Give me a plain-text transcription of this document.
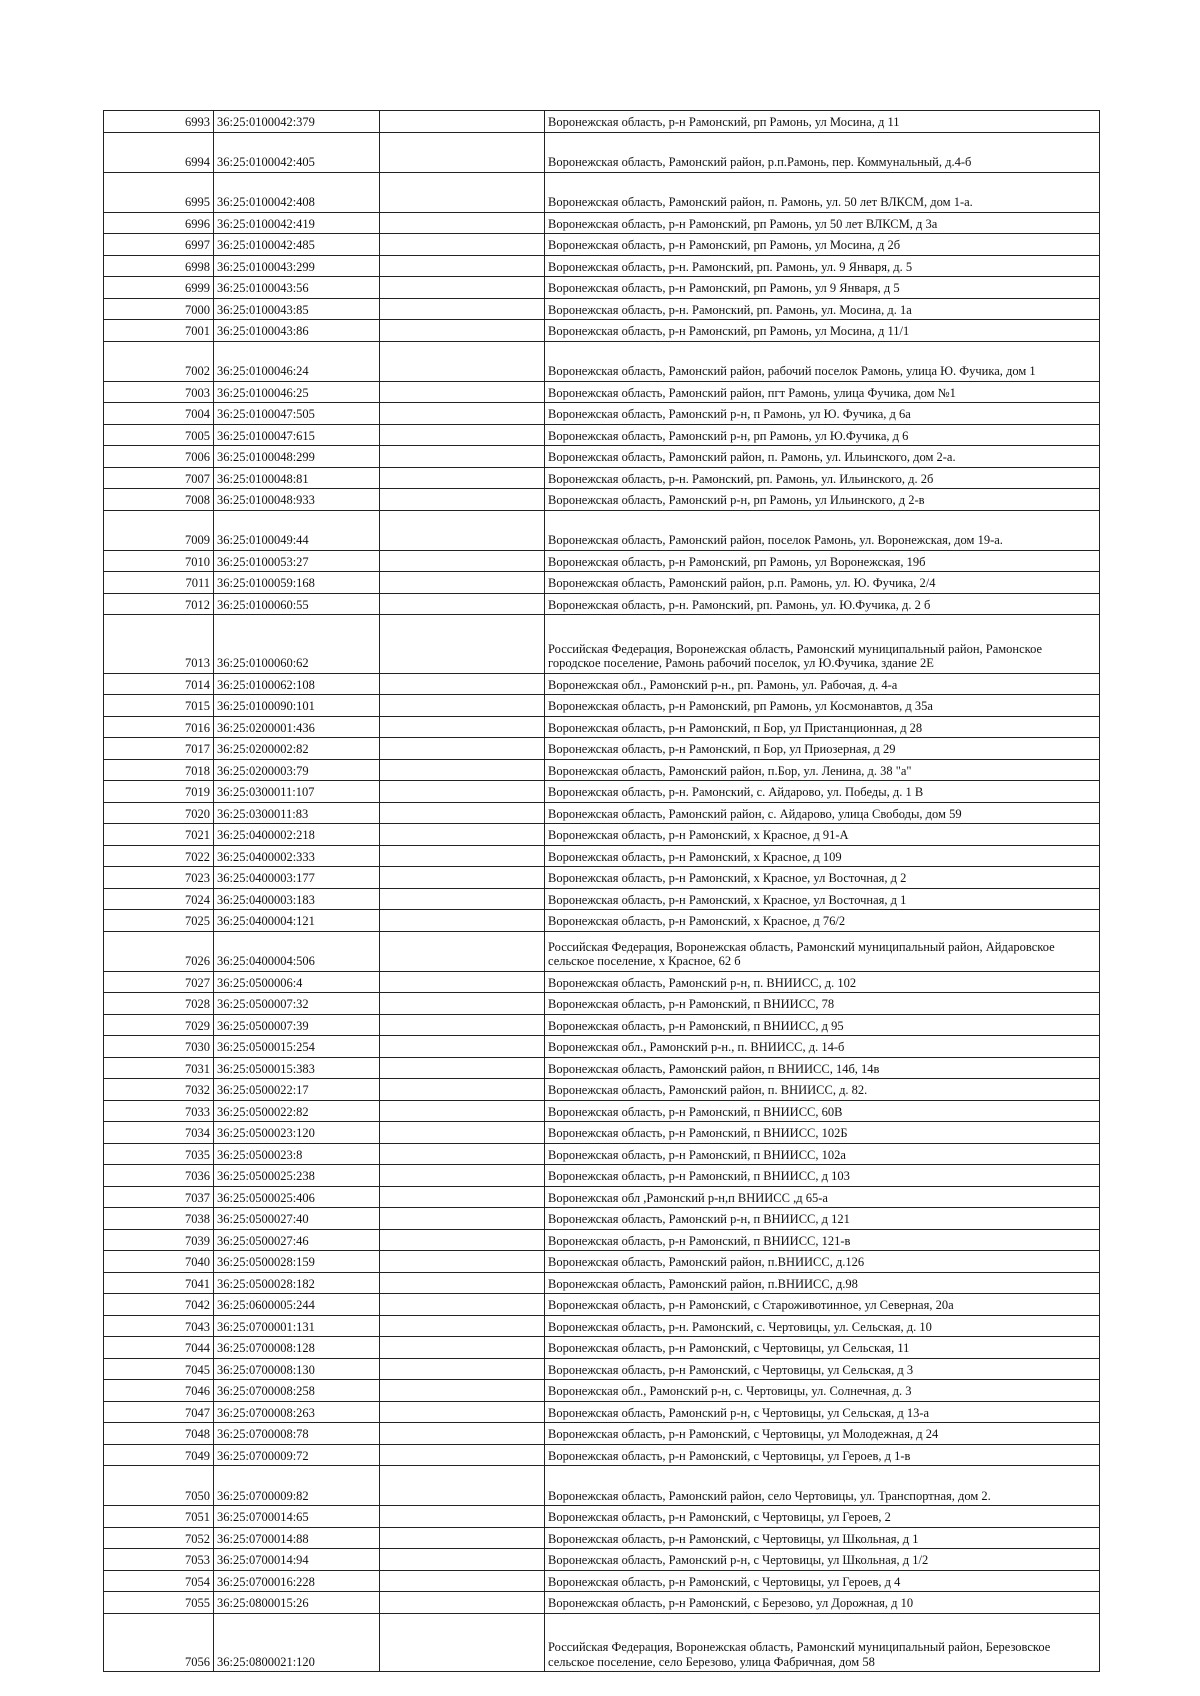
6993	36:25:0100042:379		Воронежская область, р-н Рамонский, рп Рамонь, ул Мосина, д 11

6994	36:25:0100042:405		Воронежская область, Рамонский район, р.п.Рамонь, пер. Коммунальный, д.4-б

6995	36:25:0100042:408		Воронежская область, Рамонский район, п. Рамонь, ул. 50 лет ВЛКСМ, дом 1-а.

6996	36:25:0100042:419		Воронежская область, р-н Рамонский, рп Рамонь, ул 50 лет ВЛКСМ, д 3а

6997	36:25:0100042:485		Воронежская область, р-н Рамонский, рп Рамонь, ул Мосина, д 2б

6998	36:25:0100043:299		Воронежская область, р-н. Рамонский, рп. Рамонь, ул. 9 Января, д. 5

6999	36:25:0100043:56		Воронежская область, р-н Рамонский, рп Рамонь, ул 9 Января, д 5

7000	36:25:0100043:85		Воронежская область, р-н. Рамонский, рп. Рамонь, ул. Мосина, д. 1а

7001	36:25:0100043:86		Воронежская область, р-н Рамонский, рп Рамонь, ул Мосина, д 11/1

7002	36:25:0100046:24		Воронежская область, Рамонский район, рабочий поселок Рамонь, улица Ю. Фучика, дом 1

7003	36:25:0100046:25		Воронежская область, Рамонский район, пгт Рамонь, улица Фучика, дом №1

7004	36:25:0100047:505		Воронежская область, Рамонский р-н, п Рамонь, ул Ю. Фучика, д 6а

7005	36:25:0100047:615		Воронежская область, Рамонский р-н, рп Рамонь, ул Ю.Фучика, д 6

7006	36:25:0100048:299		Воронежская область, Рамонский район, п. Рамонь, ул. Ильинского, дом 2-а.

7007	36:25:0100048:81		Воронежская область, р-н. Рамонский, рп. Рамонь, ул. Ильинского, д. 2б

7008	36:25:0100048:933		Воронежская область, Рамонский р-н, рп Рамонь, ул Ильинского, д 2-в

7009	36:25:0100049:44		Воронежская область, Рамонский район, поселок Рамонь, ул. Воронежская, дом 19-а.

7010	36:25:0100053:27		Воронежская область, р-н Рамонский, рп Рамонь, ул Воронежская, 19б

7011	36:25:0100059:168		Воронежская область, Рамонский район, р.п. Рамонь, ул. Ю. Фучика, 2/4

7012	36:25:0100060:55		Воронежская область, р-н. Рамонский, рп. Рамонь, ул. Ю.Фучика, д. 2 б

7013	36:25:0100060:62		Российская Федерация, Воронежская область, Рамонский муниципальный район, Рамонское городское поселение, Рамонь рабочий поселок, ул Ю.Фучика, здание 2Е

7014	36:25:0100062:108		Воронежская обл., Рамонский р-н., рп. Рамонь, ул. Рабочая, д. 4-а

7015	36:25:0100090:101		Воронежская область, р-н Рамонский, рп Рамонь, ул Космонавтов, д 35а

7016	36:25:0200001:436		Воронежская область, р-н Рамонский, п Бор, ул Пристанционная, д 28

7017	36:25:0200002:82		Воронежская область, р-н Рамонский, п Бор, ул Приозерная, д 29

7018	36:25:0200003:79		Воронежская область, Рамонский район, п.Бор, ул. Ленина, д. 38 "а"

7019	36:25:0300011:107		Воронежская область, р-н. Рамонский, с. Айдарово, ул. Победы, д. 1 В

7020	36:25:0300011:83		Воронежская область, Рамонский район, с. Айдарово, улица Свободы, дом 59

7021	36:25:0400002:218		Воронежская область, р-н Рамонский, х Красное, д 91-А

7022	36:25:0400002:333		Воронежская область, р-н Рамонский, х Красное, д 109

7023	36:25:0400003:177		Воронежская область, р-н Рамонский, х Красное, ул Восточная, д 2

7024	36:25:0400003:183		Воронежская область, р-н Рамонский, х Красное, ул Восточная, д 1

7025	36:25:0400004:121		Воронежская область, р-н Рамонский, х Красное, д 76/2

7026	36:25:0400004:506		Российская Федерация, Воронежская область, Рамонский муниципальный район, Айдаровское сельское поселение, х Красное, 62 б

7027	36:25:0500006:4		Воронежская область, Рамонский р-н, п. ВНИИСС, д. 102

7028	36:25:0500007:32		Воронежская область, р-н Рамонский, п ВНИИСС, 78

7029	36:25:0500007:39		Воронежская область, р-н Рамонский, п ВНИИСС, д 95

7030	36:25:0500015:254		Воронежская обл., Рамонский р-н., п. ВНИИСС, д. 14-б

7031	36:25:0500015:383		Воронежская область, Рамонский район, п ВНИИСС, 14б, 14в

7032	36:25:0500022:17		Воронежская область, Рамонский район, п. ВНИИСС, д. 82.

7033	36:25:0500022:82		Воронежская область, р-н Рамонский, п ВНИИСС, 60В

7034	36:25:0500023:120		Воронежская область, р-н Рамонский, п ВНИИСС, 102Б

7035	36:25:0500023:8		Воронежская область, р-н Рамонский, п ВНИИСС, 102а

7036	36:25:0500025:238		Воронежская область, р-н Рамонский, п ВНИИСС, д 103

7037	36:25:0500025:406		Воронежская обл ,Рамонский р-н,п ВНИИСС ,д 65-а

7038	36:25:0500027:40		Воронежская область, Рамонский р-н, п ВНИИСС, д 121

7039	36:25:0500027:46		Воронежская область, р-н Рамонский, п ВНИИСС, 121-в

7040	36:25:0500028:159		Воронежская область, Рамонский район, п.ВНИИСС, д.126

7041	36:25:0500028:182		Воронежская область, Рамонский район, п.ВНИИСС, д.98

7042	36:25:0600005:244		Воронежская область, р-н Рамонский, с Староживотинное, ул Северная, 20а

7043	36:25:0700001:131		Воронежская область, р-н. Рамонский, с. Чертовицы, ул. Сельская, д. 10

7044	36:25:0700008:128		Воронежская область, р-н Рамонский, с Чертовицы, ул Сельская, 11

7045	36:25:0700008:130		Воронежская область, р-н Рамонский, с Чертовицы, ул Сельская, д 3

7046	36:25:0700008:258		Воронежская обл., Рамонский р-н, с. Чертовицы, ул. Солнечная, д. 3

7047	36:25:0700008:263		Воронежская область, Рамонский р-н, с Чертовицы, ул Сельская, д 13-а

7048	36:25:0700008:78		Воронежская область, р-н Рамонский, с Чертовицы, ул Молодежная, д 24

7049	36:25:0700009:72		Воронежская область, р-н Рамонский, с Чертовицы, ул Героев, д 1-в

7050	36:25:0700009:82		Воронежская область, Рамонский район, село Чертовицы, ул. Транспортная, дом 2.

7051	36:25:0700014:65		Воронежская область, р-н Рамонский, с Чертовицы, ул Героев, 2

7052	36:25:0700014:88		Воронежская область, р-н Рамонский, с Чертовицы, ул Школьная, д 1

7053	36:25:0700014:94		Воронежская область, Рамонский р-н, с Чертовицы, ул Школьная, д 1/2

7054	36:25:0700016:228		Воронежская область, р-н Рамонский, с Чертовицы, ул Героев, д 4

7055	36:25:0800015:26		Воронежская область, р-н Рамонский, с Березово, ул Дорожная, д 10

7056	36:25:0800021:120		Российская Федерация, Воронежская область, Рамонский муниципальный район, Березовское сельское поселение, село Березово, улица Фабричная, дом 58
